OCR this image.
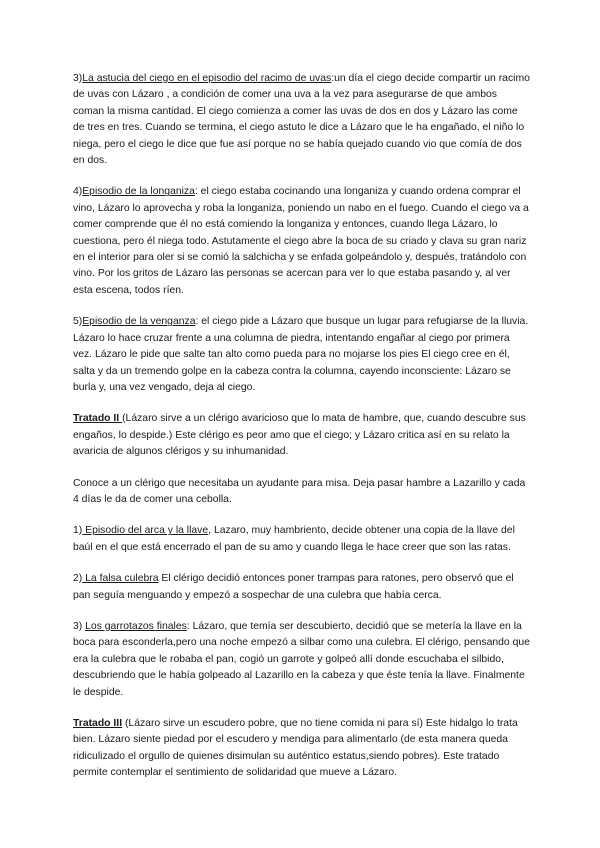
3)La astucia del ciego en el episodio del racimo de uvas:un día el ciego decide compartir un racimo de uvas con Lázaro , a condición de comer una uva a la vez para asegurarse de que ambos coman la misma cantidad. El ciego comienza a comer las uvas de dos en dos y Lázaro las come de tres en tres. Cuando se termina, el ciego astuto le dice a Lázaro que le ha engañado, el niño lo niega, pero el ciego le dice que fue así porque no se había quejado cuando vio que comía de dos en dos.

4)Episodio de la longaniza: el ciego estaba cocinando una longaniza y cuando ordena comprar el vino, Lázaro lo aprovecha y roba la longaniza, poniendo un nabo en el fuego. Cuando el ciego va a comer comprende que él no está comiendo la longaniza y entonces, cuando llega Lázaro, lo cuestiona, pero él niega todo. Astutamente el ciego abre la boca de su criado y clava su gran nariz en el interior para oler si se comió la salchicha y se enfada golpeándolo y, después, tratándolo con vino. Por los gritos de Lázaro las personas se acercan para ver lo que estaba pasando y, al ver esta escena, todos ríen.

5)Episodio de la venganza: el ciego pide a Lázaro que busque un lugar para refugiarse de la lluvia. Lázaro lo hace cruzar frente a una columna de piedra, intentando engañar al ciego por primera vez. Lázaro le pide que salte tan alto como pueda para no mojarse los pies El ciego cree en él, salta y da un tremendo golpe en la cabeza contra la columna, cayendo inconsciente: Lázaro se burla y, una vez vengado, deja al ciego.

Tratado II (Lázaro sirve a un clérigo avaricioso que lo mata de hambre, que, cuando descubre sus engaños, lo despide.) Este clérigo es peor amo que el ciego; y Lázaro critica así en su relato la avaricia de algunos clérigos y su inhumanidad.

Conoce a un clérigo que necesitaba un ayudante para misa. Deja pasar hambre a Lazarillo y cada 4 días le da de comer una cebolla.

1) Episodio del arca y la llave, Lazaro, muy hambriento, decide obtener una copia de la llave del baúl en el que está encerrado el pan de su amo y cuando llega le hace creer que son las ratas.

2) La falsa culebra El clérigo decidió entonces poner trampas para ratones, pero observó que el pan seguía menguando y empezó a sospechar de una culebra que había cerca.

3) Los garrotazos finales: Lázaro, que temía ser descubierto, decidió que se metería la llave en la boca para esconderla,pero una noche empezó a silbar como una culebra. El clérigo, pensando que era la culebra que le robaba el pan, cogió un garrote y golpeó allí donde escuchaba el silbido, descubriendo que le había golpeado al Lazarillo en la cabeza y que éste tenía la llave. Finalmente le despide.

Tratado III (Lázaro sirve un escudero pobre, que no tiene comida ni para sí) Este hidalgo lo trata bien. Lázaro siente piedad por el escudero y mendiga para alimentarlo (de esta manera queda ridiculizado el orgullo de quienes disimulan su auténtico estatus,siendo pobres). Este tratado permite contemplar el sentimiento de solidaridad que mueve a Lázaro.
